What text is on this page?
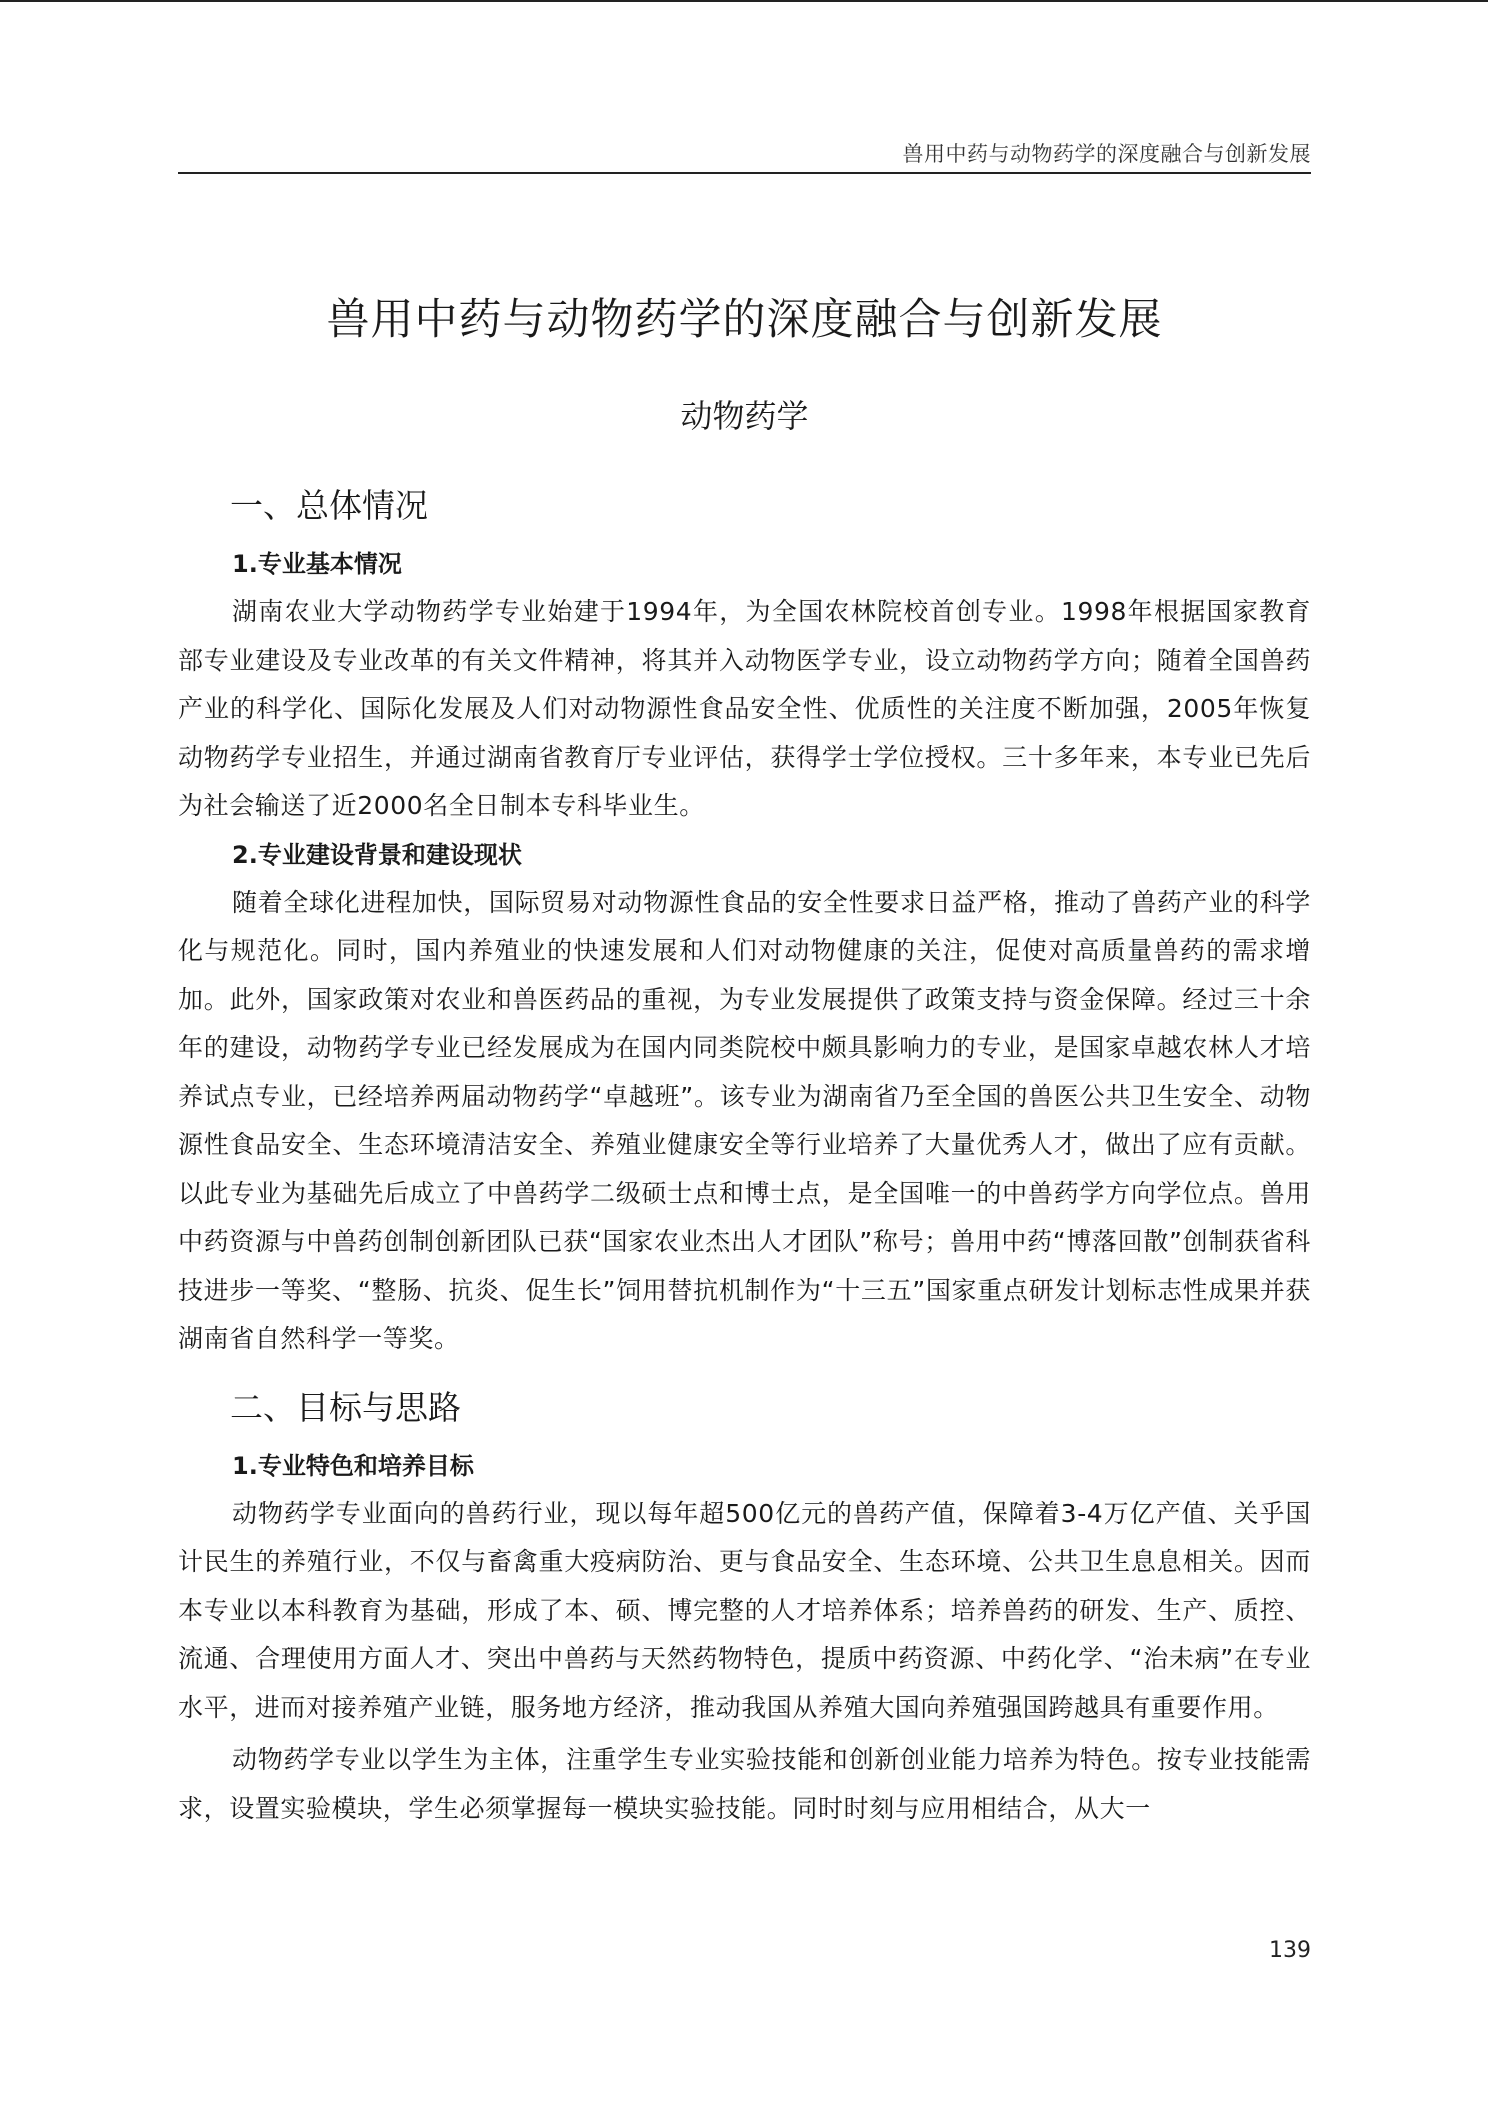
兽用中药与动物药学的深度融合与创新发展
兽用中药与动物药学的深度融合与创新发展
动物药学
一、总体情况
1.专业基本情况

湖南农业大学动物药学专业始建于1994年，为全国农林院校首创专业。1998年根据国家教育部专业建设及专业改革的有关文件精神，将其并入动物医学专业，设立动物药学方向；随着全国兽药产业的科学化、国际化发展及人们对动物源性食品安全性、优质性的关注度不断加强，2005年恢复动物药学专业招生，并通过湖南省教育厅专业评估，获得学士学位授权。三十多年来，本专业已先后为社会输送了近2000名全日制本专科毕业生。

2.专业建设背景和建设现状

随着全球化进程加快，国际贸易对动物源性食品的安全性要求日益严格，推动了兽药产业的科学化与规范化。同时，国内养殖业的快速发展和人们对动物健康的关注，促使对高质量兽药的需求增加。此外，国家政策对农业和兽医药品的重视，为专业发展提供了政策支持与资金保障。经过三十余年的建设，动物药学专业已经发展成为在国内同类院校中颇具影响力的专业，是国家卓越农林人才培养试点专业，已经培养两届动物药学“卓越班”。该专业为湖南省乃至全国的兽医公共卫生安全、动物源性食品安全、生态环境清洁安全、养殖业健康安全等行业培养了大量优秀人才，做出了应有贡献。以此专业为基础先后成立了中兽药学二级硕士点和博士点，是全国唯一的中兽药学方向学位点。兽用中药资源与中兽药创制创新团队已获“国家农业杰出人才团队”称号；兽用中药“博落回散”创制获省科技进步一等奖、“整肠、抗炎、促生长”饲用替抗机制作为“十三五”国家重点研发计划标志性成果并获湖南省自然科学一等奖。

二、目标与思路
1.专业特色和培养目标

动物药学专业面向的兽药行业，现以每年超500亿元的兽药产值，保障着3-4万亿产值、关乎国计民生的养殖行业，不仅与畜禽重大疫病防治、更与食品安全、生态环境、公共卫生息息相关。因而本专业以本科教育为基础，形成了本、硕、博完整的人才培养体系；培养兽药的研发、生产、质控、流通、合理使用方面人才、突出中兽药与天然药物特色，提质中药资源、中药化学、“治未病”在专业水平，进而对接养殖产业链，服务地方经济，推动我国从养殖大国向养殖强国跨越具有重要作用。

动物药学专业以学生为主体，注重学生专业实验技能和创新创业能力培养为特色。按专业技能需求，设置实验模块，学生必须掌握每一模块实验技能。同时时刻与应用相结合，从大一

139
